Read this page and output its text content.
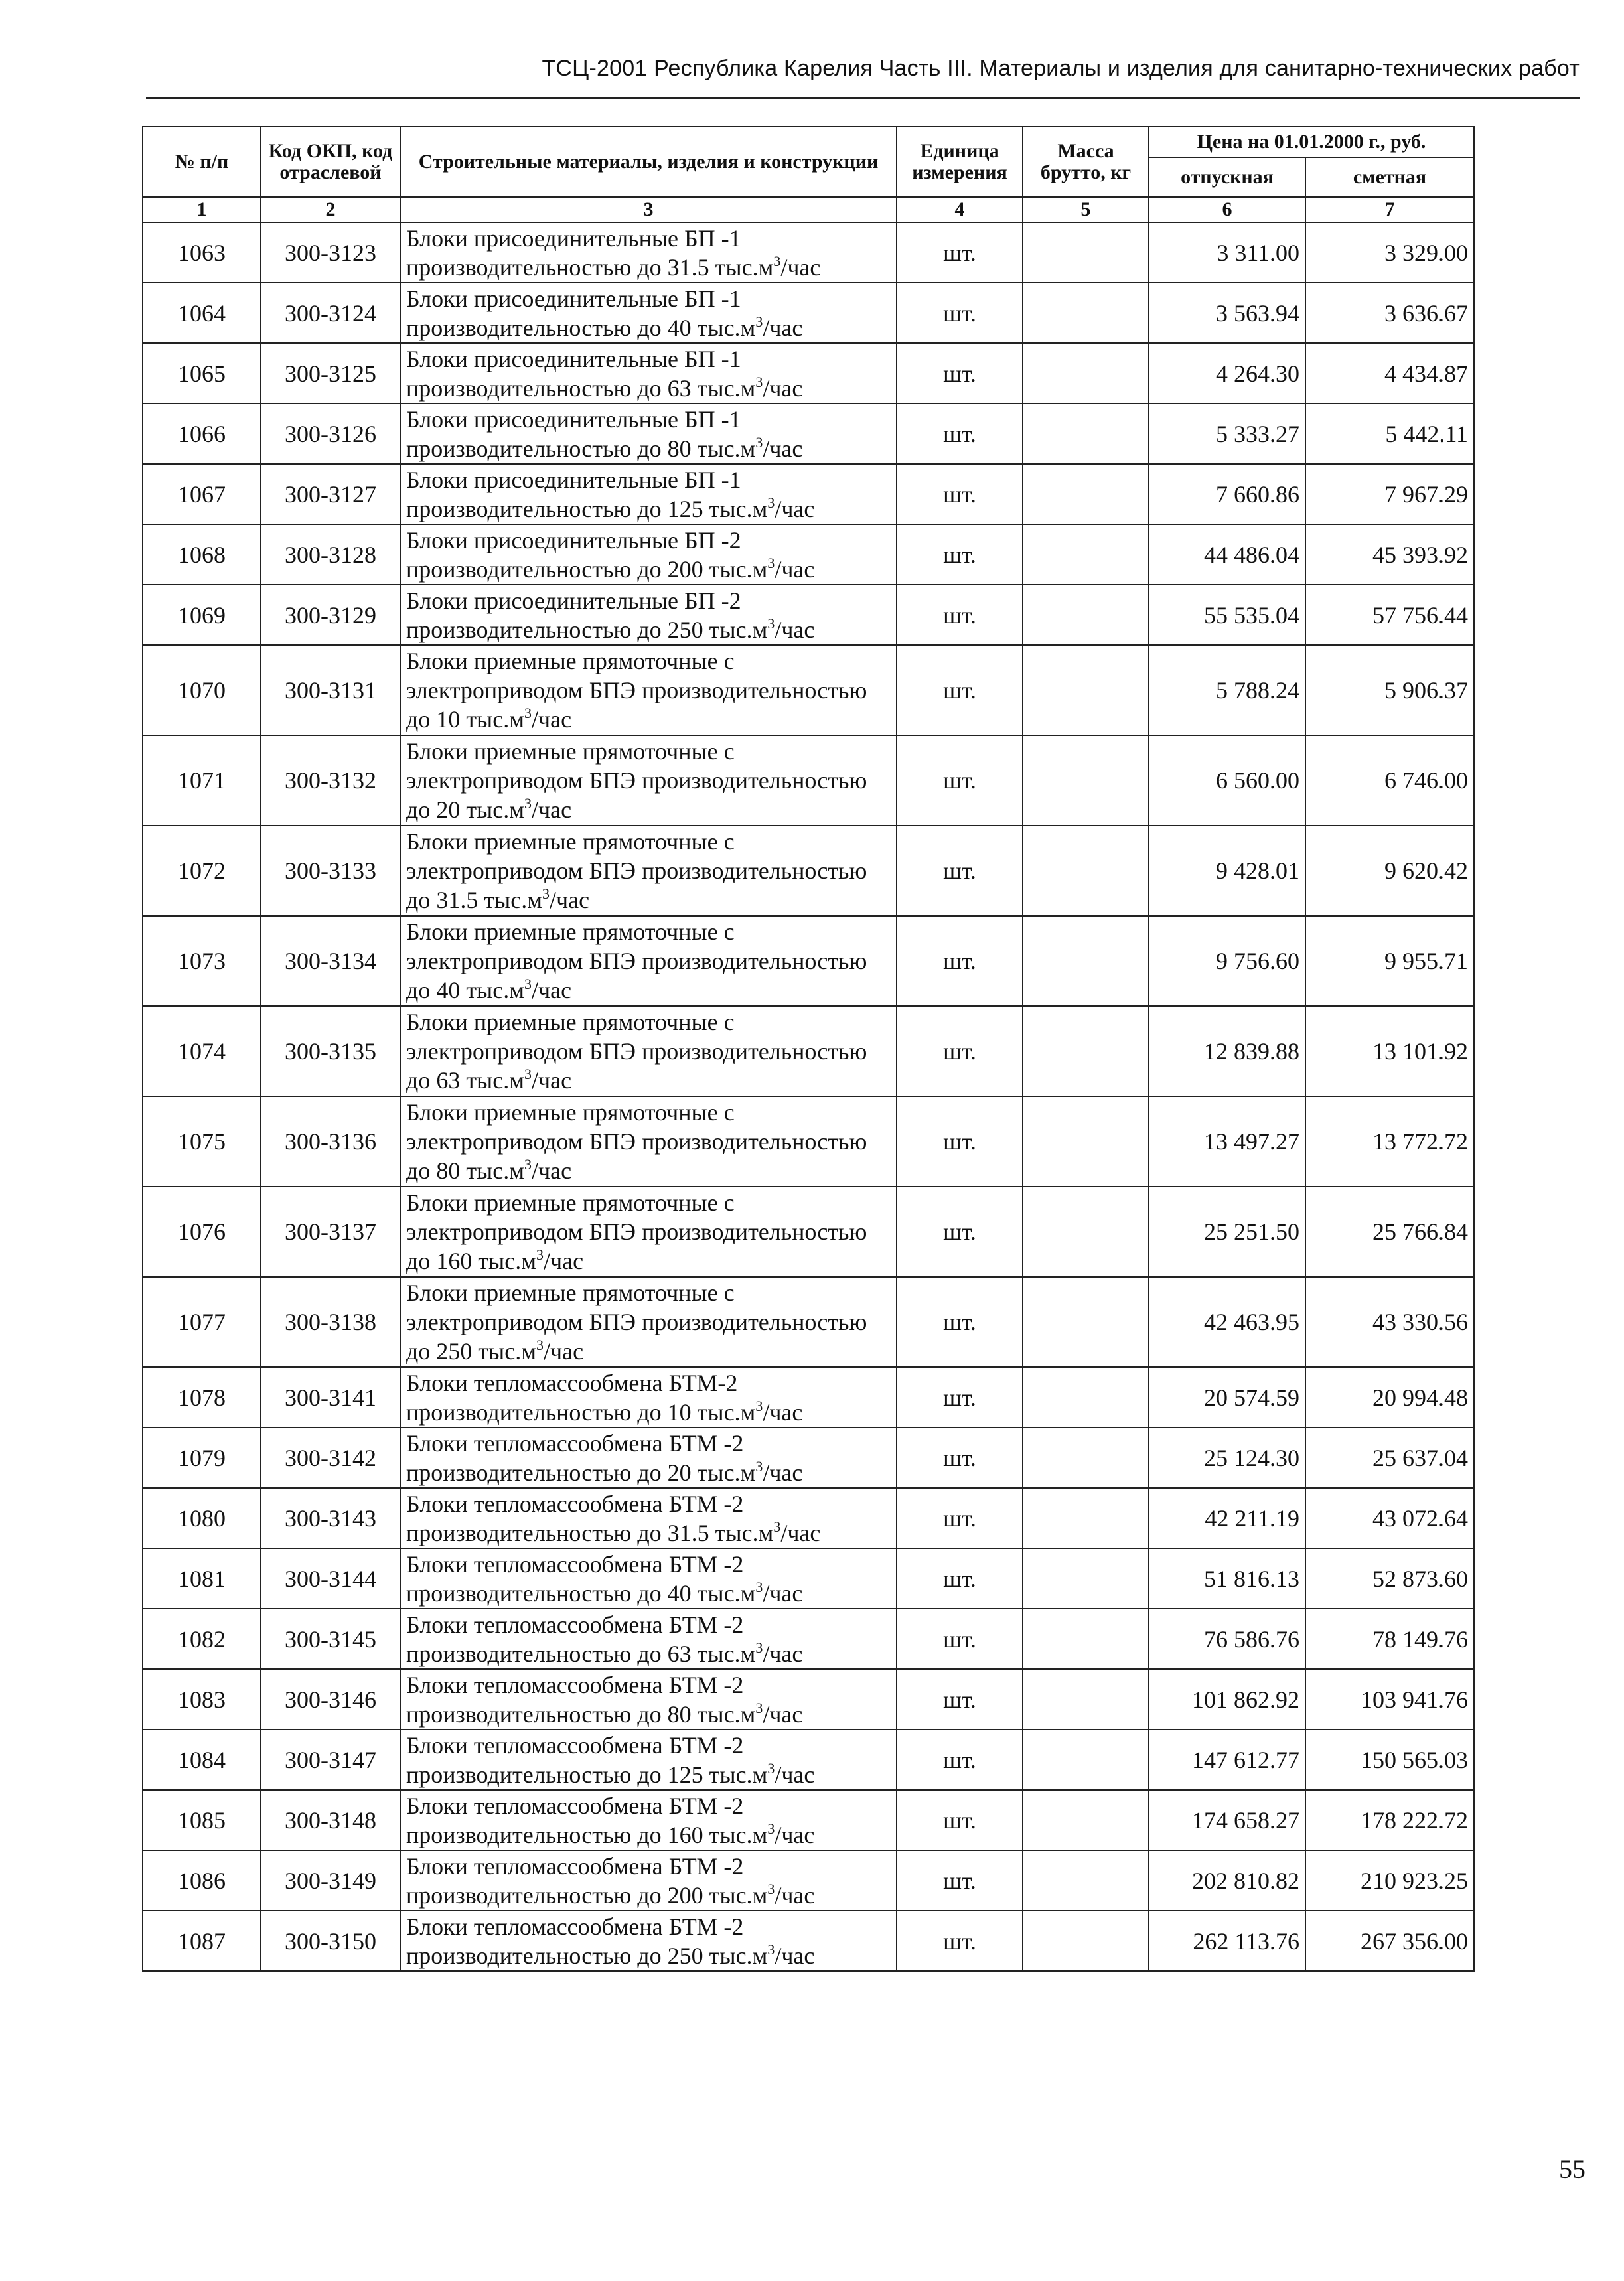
ТСЦ-2001 Республика Карелия Часть III. Материалы и изделия для санитарно-технических работ
№ п/п	Код ОКП, код отраслевой	Строительные материалы, изделия и конструкции	Единица измерения	Масса брутто, кг	Цена на 01.01.2000 г., руб.	
					отпускная	сметная
1	2	3	4	5	6	7
1063	300-3123	Блоки присоединительные БП -1 производительностью до 31.5 $тыс.м^3$/час	шт.		3 311.00	3 329.00
1064	300-3124	Блоки присоединительные БП -1 производительностью до 40 $тыс.м^3$/час	шт.		3 563.94	3 636.67
1065	300-3125	Блоки присоединительные БП -1 производительностью до 63 $тыс.м^3$/час	шт.		4 264.30	4 434.87
1066	300-3126	Блоки присоединительные БП -1 производительностью до 80 $тыс.м^3$/час	шт.		5 333.27	5 442.11
1067	300-3127	Блоки присоединительные БП -1 производительностью до 125 $тыс.м^3$/час	шт.		7 660.86	7 967.29
1068	300-3128	Блоки присоединительные БП -2 производительностью до 200 $тыс.м^3$/час	шт.		44 486.04	45 393.92
1069	300-3129	Блоки присоединительные БП -2 производительностью до 250 $тыс.м^3$/час	шт.		55 535.04	57 756.44
1070	300-3131	Блоки приемные прямоточные с электроприводом БПЭ производительностью до 10 $тыс.м^3$/час	шт.		5 788.24	5 906.37
1071	300-3132	Блоки приемные прямоточные с электроприводом БПЭ производительностью до 20 $тыс.м^3$/час	шт.		6 560.00	6 746.00
1072	300-3133	Блоки приемные прямоточные с электроприводом БПЭ производительностью до 31.5 $тыс.м^3$/час	шт.		9 428.01	9 620.42
1073	300-3134	Блоки приемные прямоточные с электроприводом БПЭ производительностью до 40 $тыс.м^3$/час	шт.		9 756.60	9 955.71
1074	300-3135	Блоки приемные прямоточные с электроприводом БПЭ производительностью до 63 $тыс.м^3$/час	шт.		12 839.88	13 101.92
1075	300-3136	Блоки приемные прямоточные с электроприводом БПЭ производительностью до 80 $тыс.м^3$/час	шт.		13 497.27	13 772.72
1076	300-3137	Блоки приемные прямоточные с электроприводом БПЭ производительностью до 160 $тыс.м^3$/час	шт.		25 251.50	25 766.84
1077	300-3138	Блоки приемные прямоточные с электроприводом БПЭ производительностью до 250 $тыс.м^3$/час	шт.		42 463.95	43 330.56
1078	300-3141	Блоки тепломассообмена БТМ-2 производительностью до 10 $тыс.м^3$/час	шт.		20 574.59	20 994.48
1079	300-3142	Блоки тепломассообмена БТМ -2 производительностью до 20 $тыс.м^3$/час	шт.		25 124.30	25 637.04
1080	300-3143	Блоки тепломассообмена БТМ -2 производительностью до 31.5 $тыс.м^3$/час	шт.		42 211.19	43 072.64
1081	300-3144	Блоки тепломассообмена БТМ -2 производительностью до 40 $тыс.м^3$/час	шт.		51 816.13	52 873.60
1082	300-3145	Блоки тепломассообмена БТМ -2 производительностью до 63 $тыс.м^3$/час	шт.		76 586.76	78 149.76
1083	300-3146	Блоки тепломассообмена БТМ -2 производительностью до 80 $тыс.м^3$/час	шт.		101 862.92	103 941.76
1084	300-3147	Блоки тепломассообмена БТМ -2 производительностью до 125 $тыс.м^3$/час	шт.		147 612.77	150 565.03
1085	300-3148	Блоки тепломассообмена БТМ -2 производительностью до 160 $тыс.м^3$/час	шт.		174 658.27	178 222.72
1086	300-3149	Блоки тепломассообмена БТМ -2 производительностью до 200 $тыс.м^3$/час	шт.		202 810.82	210 923.25
1087	300-3150	Блоки тепломассообмена БТМ -2 производительностью до 250 $тыс.м^3$/час	шт.		262 113.76	267 356.00
55
